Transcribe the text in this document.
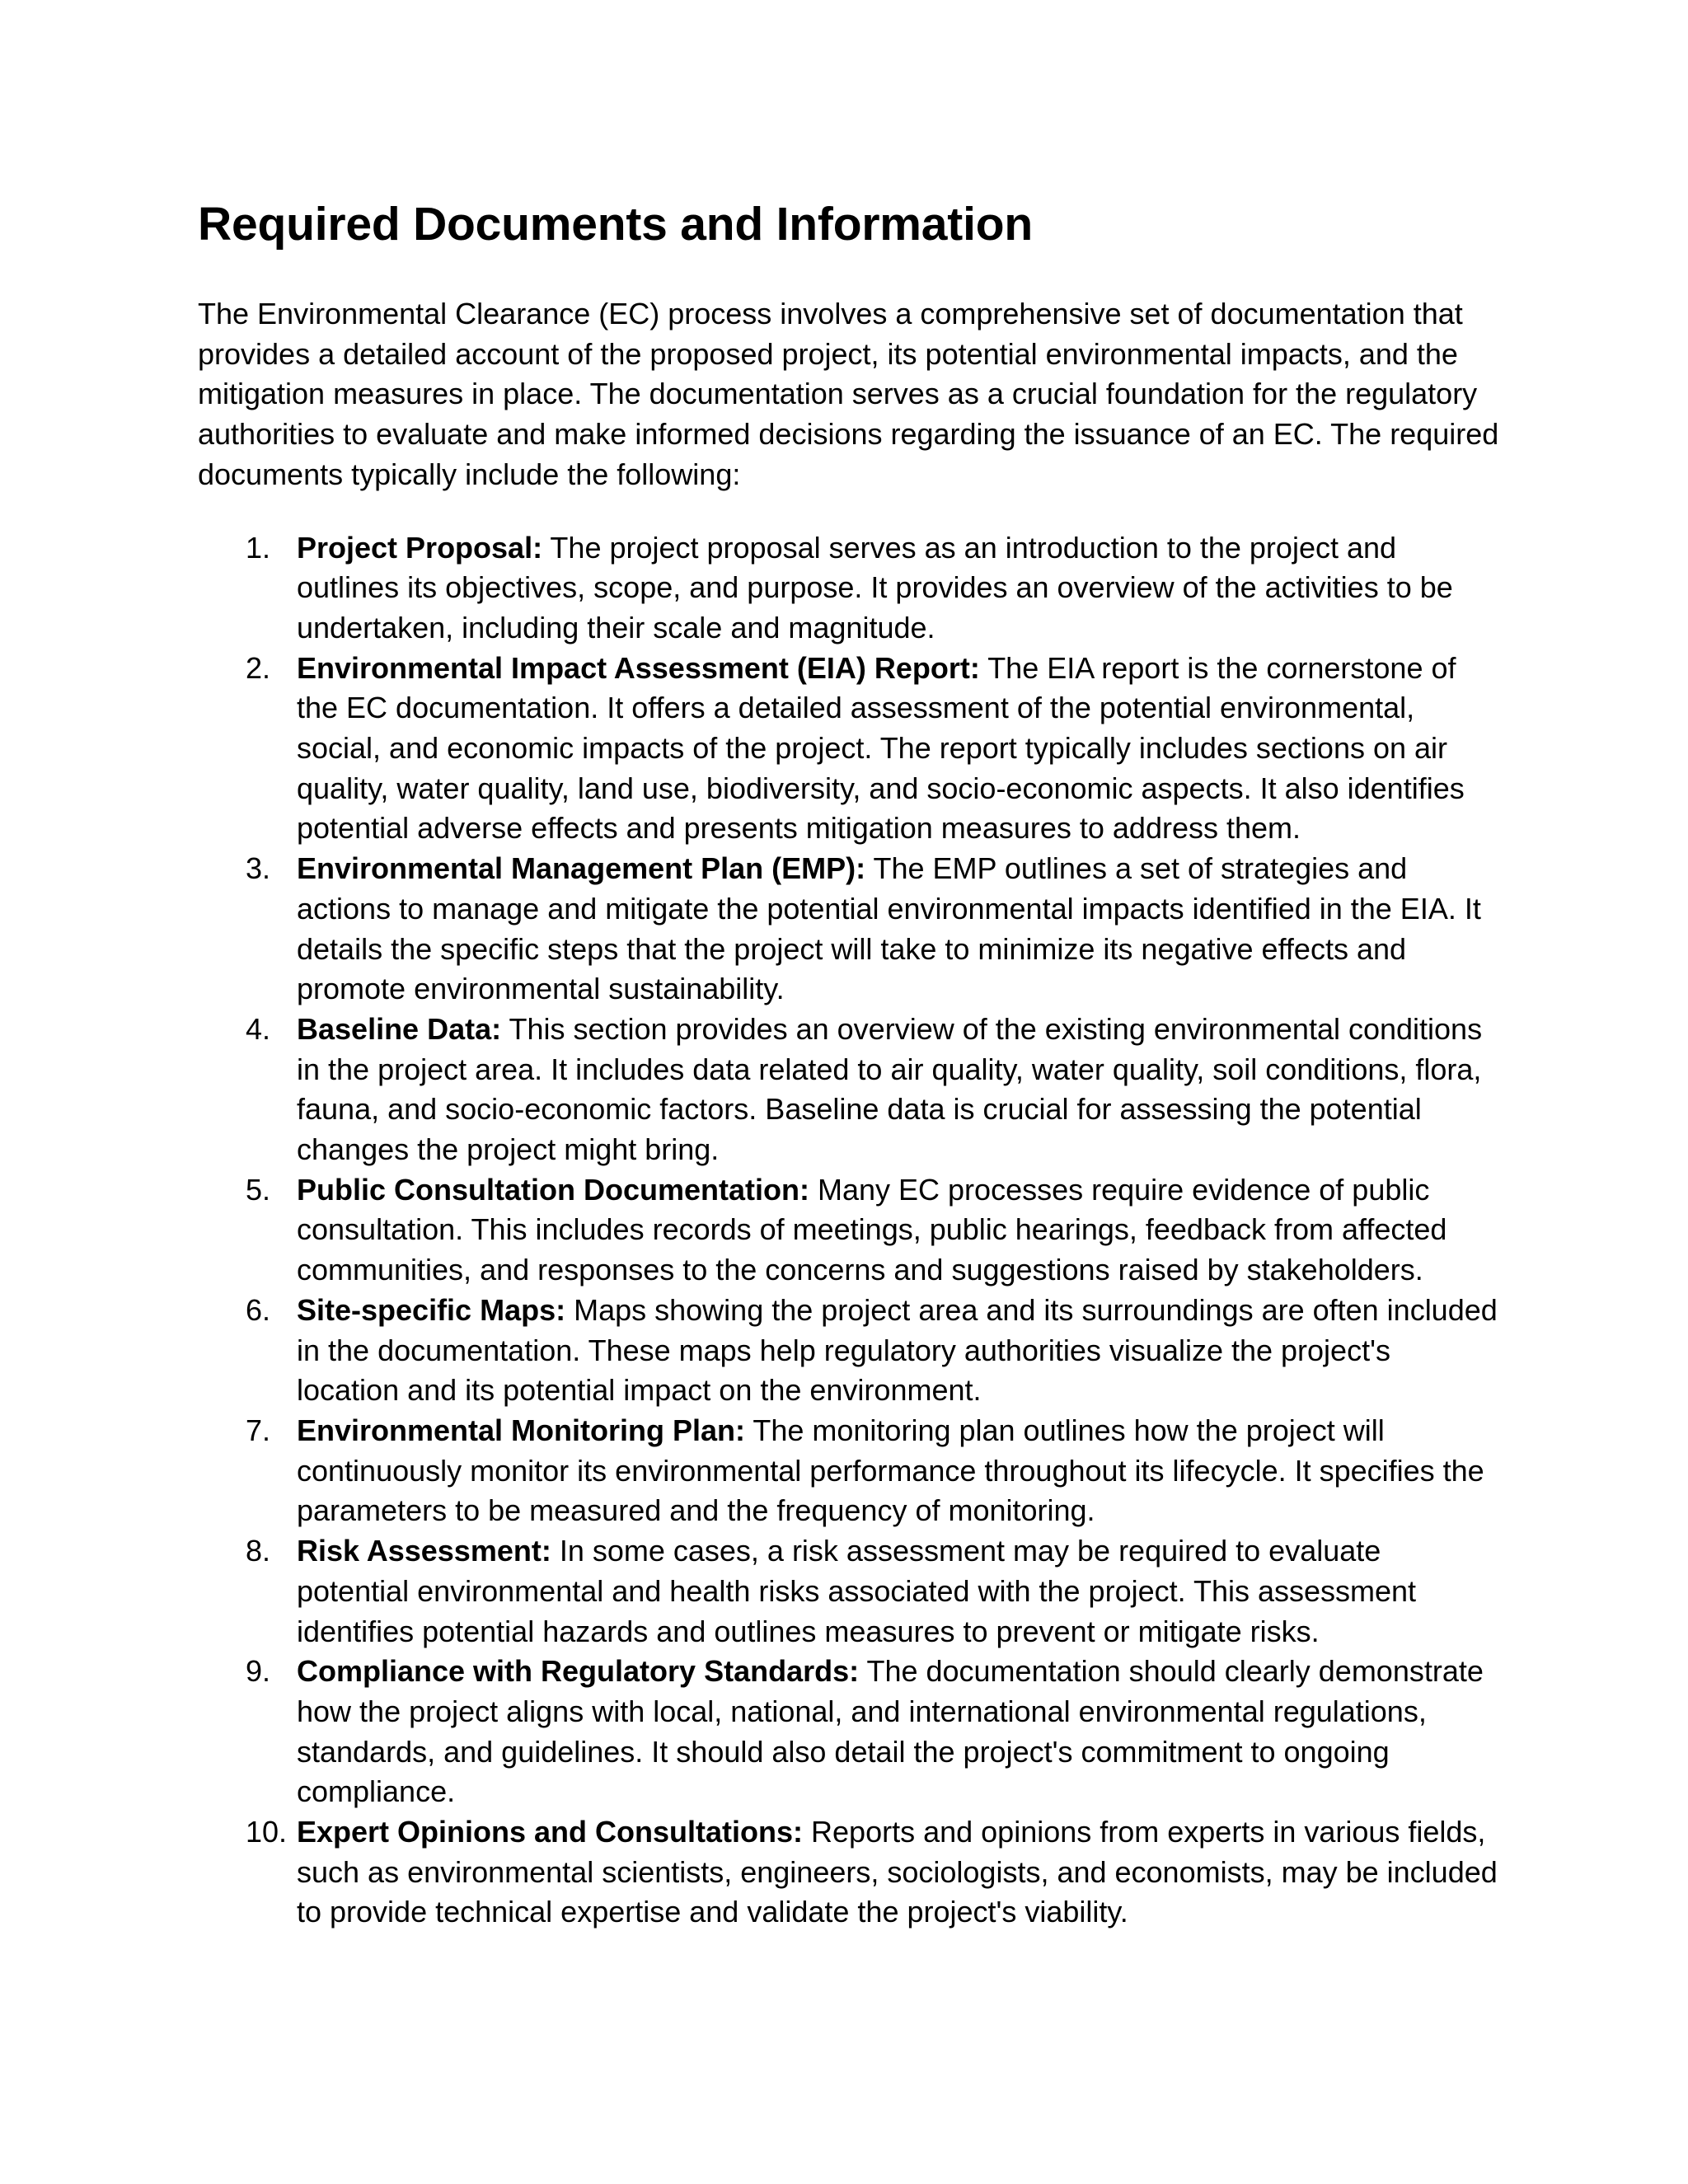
Required Documents and Information

The Environmental Clearance (EC) process involves a comprehensive set of documentation that provides a detailed account of the proposed project, its potential environmental impacts, and the mitigation measures in place. The documentation serves as a crucial foundation for the regulatory authorities to evaluate and make informed decisions regarding the issuance of an EC. The required documents typically include the following:

1. Project Proposal: The project proposal serves as an introduction to the project and outlines its objectives, scope, and purpose. It provides an overview of the activities to be undertaken, including their scale and magnitude.
2. Environmental Impact Assessment (EIA) Report: The EIA report is the cornerstone of the EC documentation. It offers a detailed assessment of the potential environmental, social, and economic impacts of the project. The report typically includes sections on air quality, water quality, land use, biodiversity, and socio-economic aspects. It also identifies potential adverse effects and presents mitigation measures to address them.
3. Environmental Management Plan (EMP): The EMP outlines a set of strategies and actions to manage and mitigate the potential environmental impacts identified in the EIA. It details the specific steps that the project will take to minimize its negative effects and promote environmental sustainability.
4. Baseline Data: This section provides an overview of the existing environmental conditions in the project area. It includes data related to air quality, water quality, soil conditions, flora, fauna, and socio-economic factors. Baseline data is crucial for assessing the potential changes the project might bring.
5. Public Consultation Documentation: Many EC processes require evidence of public consultation. This includes records of meetings, public hearings, feedback from affected communities, and responses to the concerns and suggestions raised by stakeholders.
6. Site-specific Maps: Maps showing the project area and its surroundings are often included in the documentation. These maps help regulatory authorities visualize the project's location and its potential impact on the environment.
7. Environmental Monitoring Plan: The monitoring plan outlines how the project will continuously monitor its environmental performance throughout its lifecycle. It specifies the parameters to be measured and the frequency of monitoring.
8. Risk Assessment: In some cases, a risk assessment may be required to evaluate potential environmental and health risks associated with the project. This assessment identifies potential hazards and outlines measures to prevent or mitigate risks.
9. Compliance with Regulatory Standards: The documentation should clearly demonstrate how the project aligns with local, national, and international environmental regulations, standards, and guidelines. It should also detail the project's commitment to ongoing compliance.
10. Expert Opinions and Consultations: Reports and opinions from experts in various fields, such as environmental scientists, engineers, sociologists, and economists, may be included to provide technical expertise and validate the project's viability.
